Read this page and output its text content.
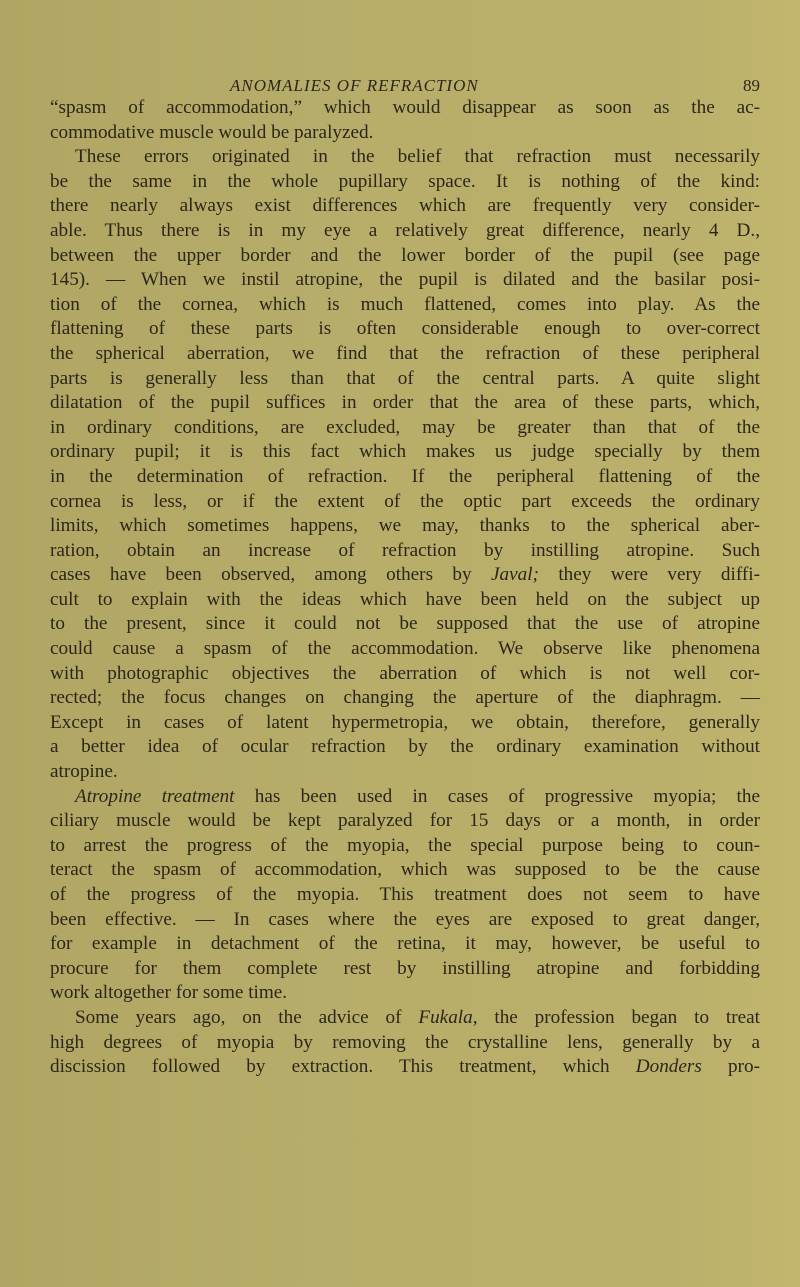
ANOMALIES OF REFRACTION	89
“spasm of accommodation,” which would disappear as soon as the ac-
commodative muscle would be paralyzed.
These errors originated in the belief that refraction must necessarily
be the same in the whole pupillary space. It is nothing of the kind:
there nearly always exist differences which are frequently very consider-
able. Thus there is in my eye a relatively great difference, nearly 4 D.,
between the upper border and the lower border of the pupil (see page
145). — When we instil atropine, the pupil is dilated and the basilar posi-
tion of the cornea, which is much flattened, comes into play. As the
flattening of these parts is often considerable enough to over-correct
the spherical aberration, we find that the refraction of these peripheral
parts is generally less than that of the central parts. A quite slight
dilatation of the pupil suffices in order that the area of these parts, which,
in ordinary conditions, are excluded, may be greater than that of the
ordinary pupil; it is this fact which makes us judge specially by them
in the determination of refraction. If the peripheral flattening of the
cornea is less, or if the extent of the optic part exceeds the ordinary
limits, which sometimes happens, we may, thanks to the spherical aber-
ration, obtain an increase of refraction by instilling atropine. Such
cases have been observed, among others by Javal; they were very diffi-
cult to explain with the ideas which have been held on the subject up
to the present, since it could not be supposed that the use of atropine
could cause a spasm of the accommodation. We observe like phenomena
with photographic objectives the aberration of which is not well cor-
rected; the focus changes on changing the aperture of the diaphragm. —
Except in cases of latent hypermetropia, we obtain, therefore, generally
a better idea of ocular refraction by the ordinary examination without
atropine.
Atropine treatment has been used in cases of progressive myopia; the
ciliary muscle would be kept paralyzed for 15 days or a month, in order
to arrest the progress of the myopia, the special purpose being to coun-
teract the spasm of accommodation, which was supposed to be the cause
of the progress of the myopia. This treatment does not seem to have
been effective. — In cases where the eyes are exposed to great danger,
for example in detachment of the retina, it may, however, be useful to
procure for them complete rest by instilling atropine and forbidding
work altogether for some time.
Some years ago, on the advice of Fukala, the profession began to treat
high degrees of myopia by removing the crystalline lens, generally by a
discission followed by extraction. This treatment, which Donders pro-
